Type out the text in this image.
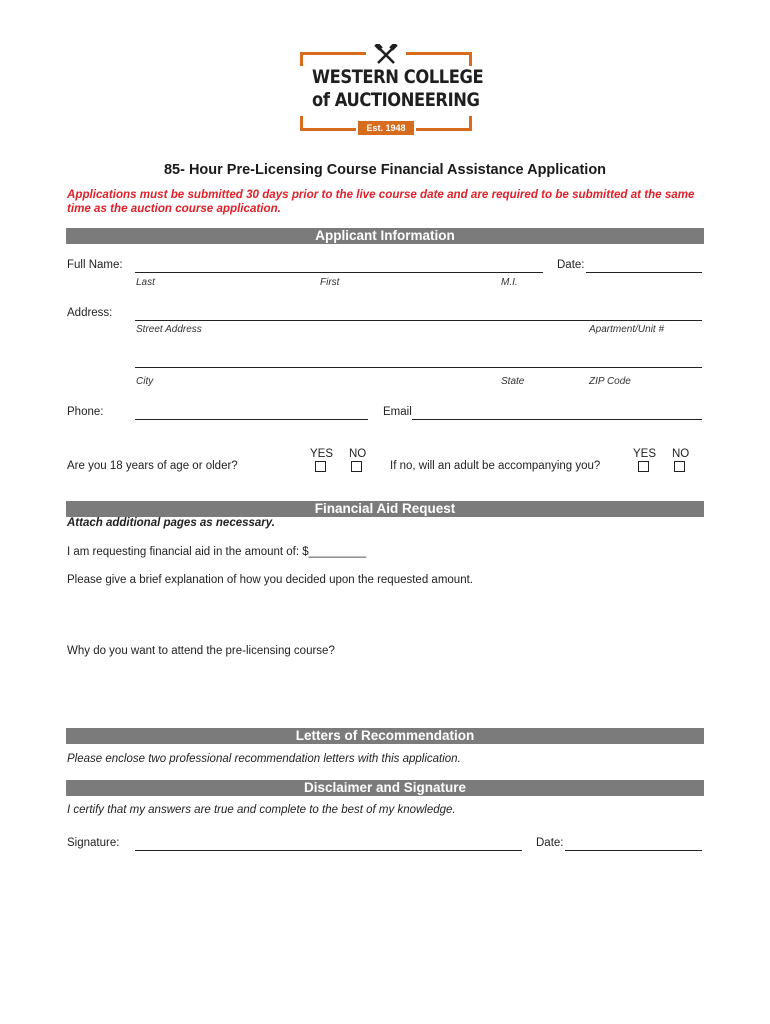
WESTERN COLLEGE
of AUCTIONEERING
Est. 1948
85- Hour Pre-Licensing Course Financial Assistance Application
Applications must be submitted 30 days prior to the live course date and are required to be submitted at the same time as the auction course application.
Applicant Information
Full Name:	Date:
Last	First	M.I.
Address:
Street Address	Apartment/Unit #
City	State	ZIP Code
Phone:	Email
Are you 18 years of age or older?
YES NO
If no, will an adult be accompanying you?
YES NO
Financial Aid Request
Attach additional pages as necessary.
I am requesting financial aid in the amount of: $_________
Please give a brief explanation of how you decided upon the requested amount.
Why do you want to attend the pre-licensing course?
Letters of Recommendation
Please enclose two professional recommendation letters with this application.
Disclaimer and Signature
I certify that my answers are true and complete to the best of my knowledge.
Signature:	Date:
